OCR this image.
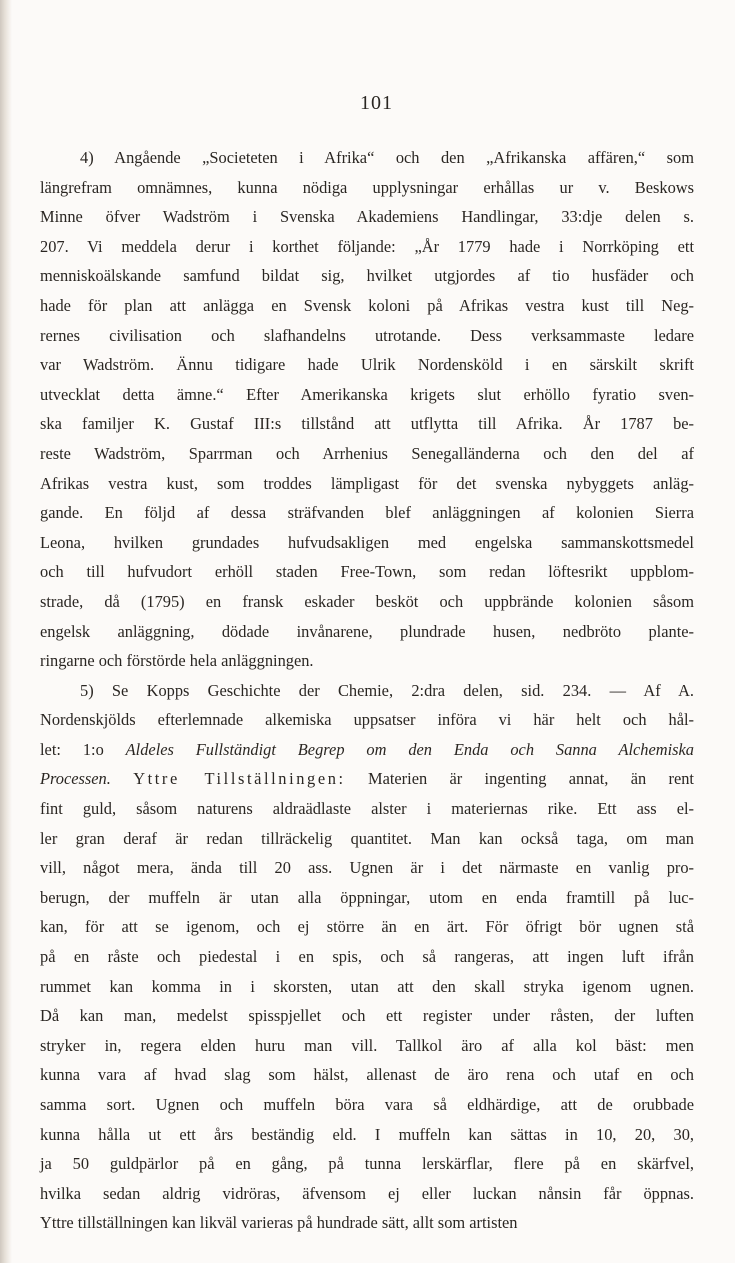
101
4) Angående „Societeten i Afrika“ och den „Afrikanska affären,“ som
längrefram omnämnes, kunna nödiga upplysningar erhållas ur v. Beskows
Minne öfver Wadström i Svenska Akademiens Handlingar, 33:dje delen s.
207. Vi meddela derur i korthet följande: „År 1779 hade i Norrköping ett
menniskoälskande samfund bildat sig, hvilket utgjordes af tio husfäder och
hade för plan att anlägga en Svensk koloni på Afrikas vestra kust till Neg-
rernes civilisation och slafhandelns utrotande. Dess verksammaste ledare
var Wadström. Ännu tidigare hade Ulrik Nordensköld i en särskilt skrift
utvecklat detta ämne.“ Efter Amerikanska krigets slut erhöllo fyratio sven-
ska familjer K. Gustaf III:s tillstånd att utflytta till Afrika. År 1787 be-
reste Wadström, Sparrman och Arrhenius Senegalländerna och den del af
Afrikas vestra kust, som troddes lämpligast för det svenska nybyggets anläg-
gande. En följd af dessa sträfvanden blef anläggningen af kolonien Sierra
Leona, hvilken grundades hufvudsakligen med engelska sammanskottsmedel
och till hufvudort erhöll staden Free-Town, som redan löftesrikt uppblom-
strade, då (1795) en fransk eskader besköt och uppbrände kolonien såsom
engelsk anläggning, dödade invånarene, plundrade husen, nedbröto plante-
ringarne och förstörde hela anläggningen.
5) Se Kopps Geschichte der Chemie, 2:dra delen, sid. 234. — Af A.
Nordenskjölds efterlemnade alkemiska uppsatser införa vi här helt och hål-
let: 1:o Aldeles Fullständigt Begrep om den Enda och Sanna Alchemiska
Processen. Yttre Tillställningen: Materien är ingenting annat, än rent
fint guld, såsom naturens aldraädlaste alster i materiernas rike. Ett ass el-
ler gran deraf är redan tillräckelig quantitet. Man kan också taga, om man
vill, något mera, ända till 20 ass. Ugnen är i det närmaste en vanlig pro-
berugn, der muffeln är utan alla öppningar, utom en enda framtill på luc-
kan, för att se igenom, och ej större än en ärt. För öfrigt bör ugnen stå
på en råste och piedestal i en spis, och så rangeras, att ingen luft ifrån
rummet kan komma in i skorsten, utan att den skall stryka igenom ugnen.
Då kan man, medelst spisspjellet och ett register under råsten, der luften
stryker in, regera elden huru man vill. Tallkol äro af alla kol bäst: men
kunna vara af hvad slag som hälst, allenast de äro rena och utaf en och
samma sort. Ugnen och muffeln böra vara så eldhärdige, att de orubbade
kunna hålla ut ett års beständig eld. I muffeln kan sättas in 10, 20, 30,
ja 50 guldpärlor på en gång, på tunna lerskärflar, flere på en skärfvel,
hvilka sedan aldrig vidröras, äfvensom ej eller luckan nånsin får öppnas.
Yttre tillställningen kan likväl varieras på hundrade sätt, allt som artisten
